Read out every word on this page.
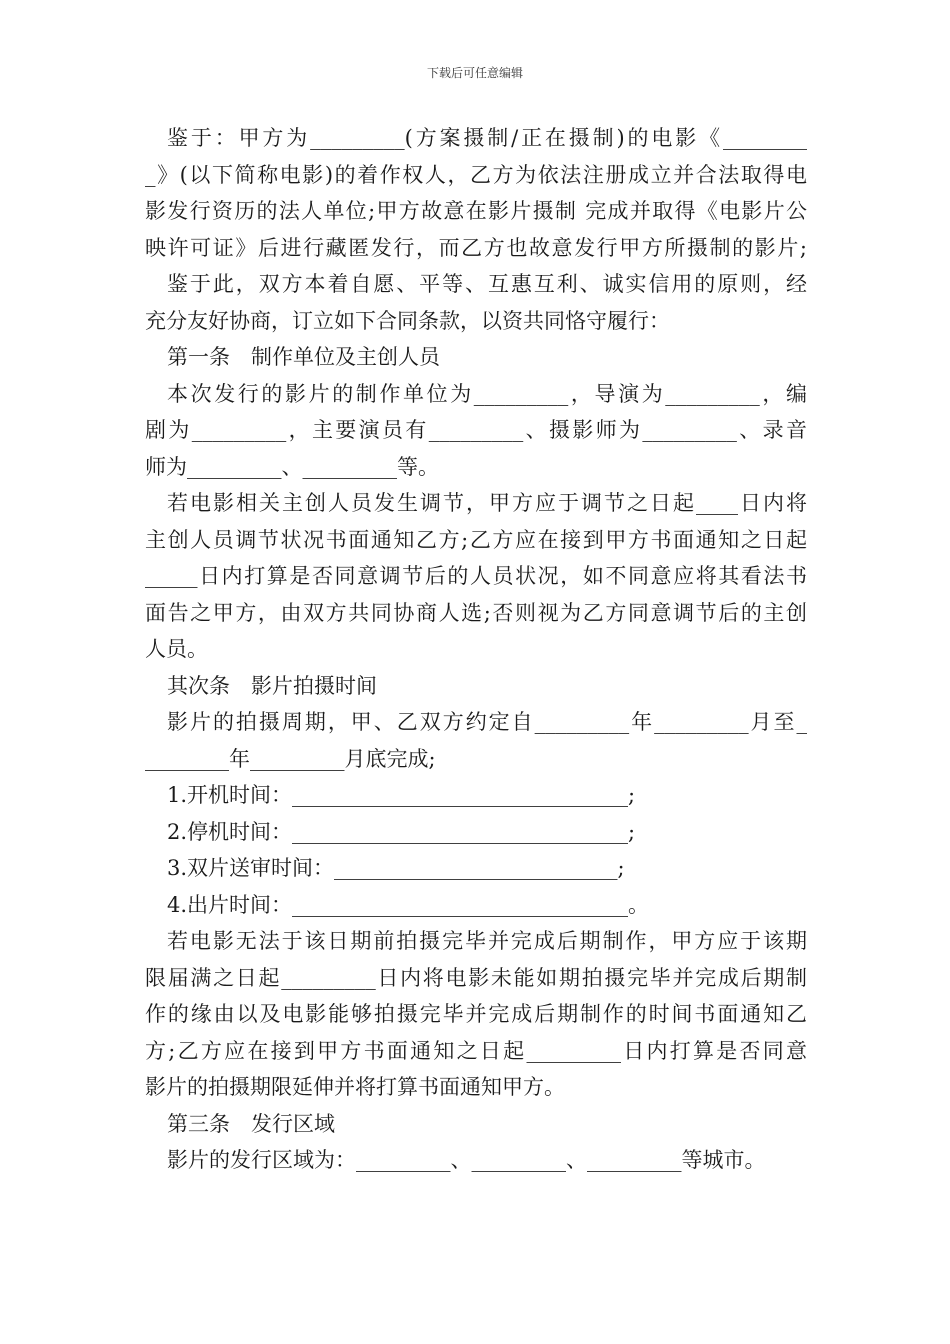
下载后可任意编辑

鉴于：甲方为_________(方案摄制/正在摄制)的电影《________
_》(以下简称电影)的着作权人，乙方为依法注册成立并合法取得电
影发行资历的法人单位;甲方故意在影片摄制 完成并取得《电影片公
映许可证》后进行藏匿发行，而乙方也故意发行甲方所摄制的影片;

鉴于此，双方本着自愿、平等、互惠互利、诚实信用的原则，经
充分友好协商，订立如下合同条款，以资共同恪守履行：

第一条　制作单位及主创人员

本次发行的影片的制作单位为_________，导演为_________，编
剧为_________，主要演员有_________、摄影师为_________、录音
师为_________、_________等。

若电影相关主创人员发生调节，甲方应于调节之日起____日内将
主创人员调节状况书面通知乙方;乙方应在接到甲方书面通知之日起
_____日内打算是否同意调节后的人员状况，如不同意应将其看法书
面告之甲方，由双方共同协商人选;否则视为乙方同意调节后的主创
人员。

其次条　影片拍摄时间

影片的拍摄周期，甲、乙双方约定自_________年_________月至_
________年_________月底完成;

1.开机时间：________________________________;

2.停机时间：________________________________;

3.双片送审时间：___________________________;

4.出片时间：________________________________。

若电影无法于该日期前拍摄完毕并完成后期制作，甲方应于该期
限届满之日起_________日内将电影未能如期拍摄完毕并完成后期制
作的缘由以及电影能够拍摄完毕并完成后期制作的时间书面通知乙
方;乙方应在接到甲方书面通知之日起_________日内打算是否同意
影片的拍摄期限延伸并将打算书面通知甲方。

第三条　发行区域

影片的发行区域为：_________、_________、_________等城市。
